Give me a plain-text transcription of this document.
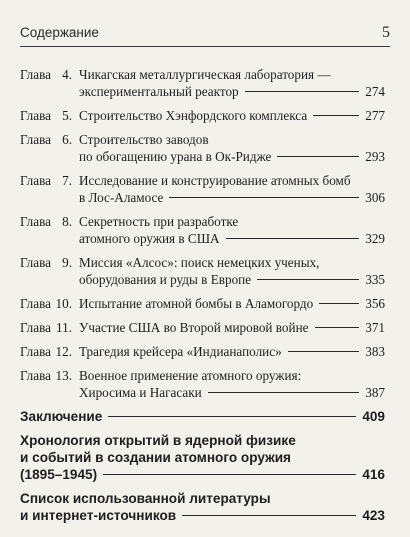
Содержание	5
Глава 4. Чикагская металлургическая лаборатория —
экспериментальный реактор	274
Глава 5. Строительство Хэнфордского комплекса	277
Глава 6. Строительство заводов
по обогащению урана в Ок-Ридже	293
Глава 7. Исследование и конструирование атомных бомб
в Лос-Аламосе	306
Глава 8. Секретность при разработке
атомного оружия в США	329
Глава 9. Миссия «Алсос»: поиск немецких ученых,
оборудования и руды в Европе	335
Глава 10. Испытание атомной бомбы в Аламогордо	356
Глава 11. Участие США во Второй мировой войне	371
Глава 12. Трагедия крейсера «Индианаполис»	383
Глава 13. Военное применение атомного оружия:
Хиросима и Нагасаки	387
Заключение	409
Хронология открытий в ядерной физике
и событий в создании атомного оружия
(1895–1945)	416
Список использованной литературы
и интернет-источников	423
